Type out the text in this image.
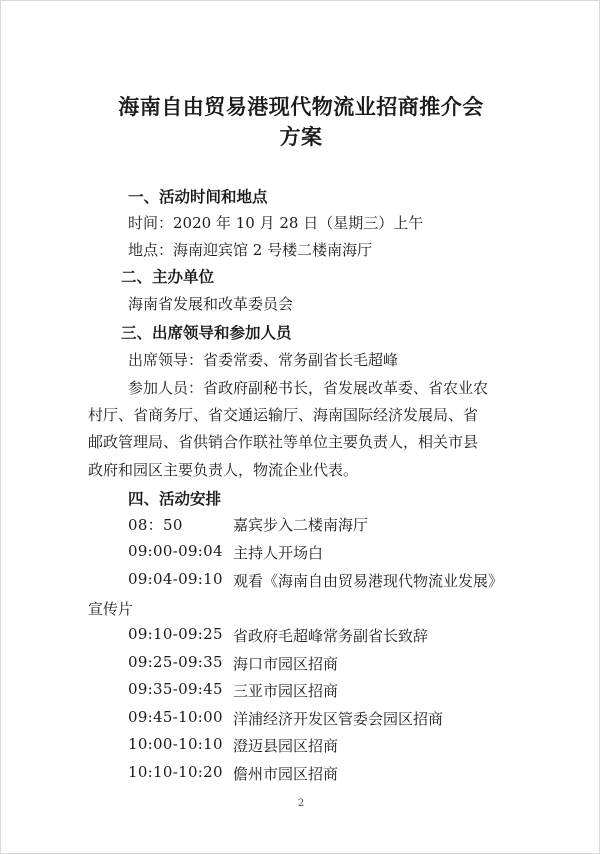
海南自由贸易港现代物流业招商推介会
方案
一、活动时间和地点
时间：2020 年 10 月 28 日（星期三）上午
地点：海南迎宾馆 2 号楼二楼南海厅
二、主办单位
海南省发展和改革委员会
三、出席领导和参加人员
出席领导：省委常委、常务副省长毛超峰
参加人员：省政府副秘书长，省发展改革委、省农业农
村厅、省商务厅、省交通运输厅、海南国际经济发展局、省
邮政管理局、省供销合作联社等单位主要负责人，相关市县
政府和园区主要负责人，物流企业代表。
四、活动安排
08：50	嘉宾步入二楼南海厅
09:00-09:04 主持人开场白
09:04-09:10 观看《海南自由贸易港现代物流业发展》
宣传片
09:10-09:25 省政府毛超峰常务副省长致辞
09:25-09:35 海口市园区招商
09:35-09:45 三亚市园区招商
09:45-10:00 洋浦经济开发区管委会园区招商
10:00-10:10 澄迈县园区招商
10:10-10:20 儋州市园区招商
2
